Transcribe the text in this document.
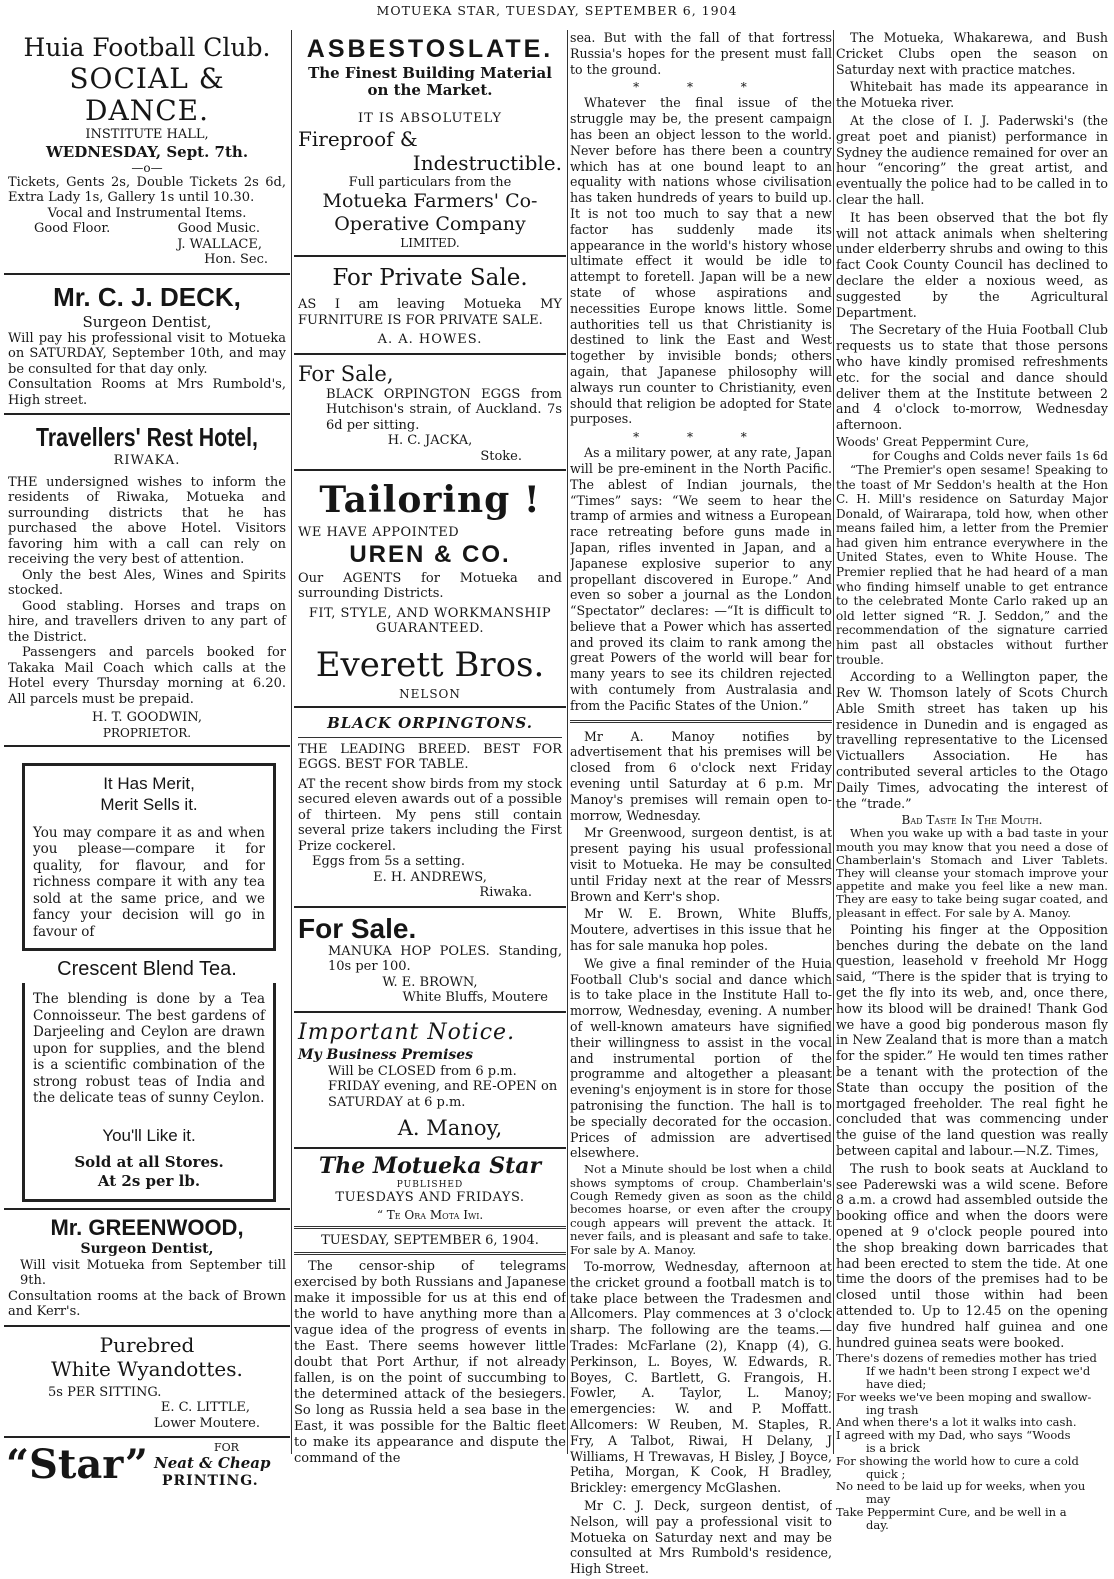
MOTUEKA STAR, TUESDAY, SEPTEMBER 6, 1904

Huia Football Club.

SOCIAL & DANCE.

INSTITUTE HALL,

WEDNESDAY, Sept. 7th.

—o—

Tickets, Gents 2s, Double Tickets 2s 6d, Extra Lady 1s, Gallery 1s until 10.30.

Vocal and Instrumental Items.

Good Floor.	Good Music.

J. WALLACE,

Hon. Sec.

Mr. C. J. DECK,

Surgeon Dentist,

Will pay his professional visit to Motueka on SATURDAY, September 10th, and may be consulted for that day only.

Consultation Rooms at Mrs Rumbold's, High street.

Travellers' Rest Hotel,

RIWAKA.

THE undersigned wishes to inform the residents of Riwaka, Motueka and surrounding districts that he has purchased the above Hotel. Visitors favoring him with a call can rely on receiving the very best of attention.

Only the best Ales, Wines and Spirits stocked.

Good stabling. Horses and traps on hire, and travellers driven to any part of the District.

Passengers and parcels booked for Takaka Mail Coach which calls at the Hotel every Thursday morning at 6.20. All parcels must be prepaid.

H. T. GOODWIN,

PROPRIETOR.

It Has Merit,

Merit Sells it.

You may compare it as and when you please—compare it for quality, for flavour, and for richness compare it with any tea sold at the same price, and we fancy your decision will go in favour of

Crescent Blend Tea.

The blending is done by a Tea Connoisseur. The best gardens of Darjeeling and Ceylon are drawn upon for supplies, and the blend is a scientific combination of the strong robust teas of India and the delicate teas of sunny Ceylon.

You'll Like it.

Sold at all Stores.

At 2s per lb.

Mr. GREENWOOD,

Surgeon Dentist,

Will visit Motueka from September till 9th.

Consultation rooms at the back of Brown and Kerr's.

Purebred

White Wyandottes.

5s PER SITTING.

E. C. LITTLE,

Lower Moutere.

“Star”	FOR
Neat & Cheap
PRINTING.

ASBESTOSLATE.

The Finest Building Material on the Market.

IT IS ABSOLUTELY

Fireproof &

Indestructible.

Full particulars from the

Motueka Farmers' Co-

Operative Company

LIMITED.

For Private Sale.

AS I am leaving Motueka MY FURNITURE IS FOR PRIVATE SALE.

A. A. HOWES.

For Sale,

BLACK ORPINGTON EGGS from Hutchison's strain, of Auckland. 7s 6d per sitting.

H. C. JACKA,

Stoke.

Tailoring !

WE HAVE APPOINTED

UREN & CO.

Our AGENTS for Motueka and surrounding Districts.

FIT, STYLE, AND WORKMANSHIP GUARANTEED.

Everett Bros.

NELSON

BLACK ORPINGTONS.

THE LEADING BREED. BEST FOR EGGS. BEST FOR TABLE.

AT the recent show birds from my stock secured eleven awards out of a possible of thirteen. My pens still contain several prize takers including the First Prize cockerel.

Eggs from 5s a setting.

E. H. ANDREWS,

Riwaka.

For Sale.

MANUKA HOP POLES. Standing, 10s per 100.

W. E. BROWN,

White Bluffs, Moutere

Important Notice.

My Business Premises

Will be CLOSED from 6 p.m. FRIDAY evening, and RE-OPEN on SATURDAY at 6 p.m.

A. Manoy,

The Motueka Star

PUBLISHED

TUESDAYS AND FRIDAYS.

“ Te Ora Mota Iwi.

TUESDAY, SEPTEMBER 6, 1904.

The censor-ship of telegrams exercised by both Russians and Japanese make it impossible for us at this end of the world to have anything more than a vague idea of the progress of events in the East. There seems however little doubt that Port Arthur, if not already fallen, is on the point of succumbing to the determined attack of the besiegers. So long as Russia held a sea base in the East, it was possible for the Baltic fleet to make its appearance and dispute the command of the

sea. But with the fall of that fortress Russia's hopes for the present must fall to the ground.

* * *

Whatever the final issue of the struggle may be, the present campaign has been an object lesson to the world. Never before has there been a country which has at one bound leapt to an equality with nations whose civilisation has taken hundreds of years to build up. It is not too much to say that a new factor has suddenly made its appearance in the world's history whose ultimate effect it would be idle to attempt to foretell. Japan will be a new state of whose aspirations and necessities Europe knows little. Some authorities tell us that Christianity is destined to link the East and West together by invisible bonds; others again, that Japanese philosophy will always run counter to Christianity, even should that religion be adopted for State purposes.

* * *

As a military power, at any rate, Japan will be pre-eminent in the North Pacific. The ablest of Indian journals, the “Times” says: “We seem to hear the tramp of armies and witness a European race retreating before guns made in Japan, rifles invented in Japan, and a Japanese explosive superior to any propellant discovered in Europe.” And even so sober a journal as the London “Spectator” declares: —“It is difficult to believe that a Power which has asserted and proved its claim to rank among the great Powers of the world will bear for many years to see its children rejected with contumely from Australasia and from the Pacific States of the Union.”

Mr A. Manoy notifies by advertisement that his premises will be closed from 6 o'clock next Friday evening until Saturday at 6 p.m. Mr Manoy's premises will remain open to-morrow, Wednesday.

Mr Greenwood, surgeon dentist, is at present paying his usual professional visit to Motueka. He may be consulted until Friday next at the rear of Messrs Brown and Kerr's shop.

Mr W. E. Brown, White Bluffs, Moutere, advertises in this issue that he has for sale manuka hop poles.

We give a final reminder of the Huia Football Club's social and dance which is to take place in the Institute Hall to-morrow, Wednesday, evening. A number of well-known amateurs have signified their willingness to assist in the vocal and instrumental portion of the programme and altogether a pleasant evening's enjoyment is in store for those patronising the function. The hall is to be specially decorated for the occasion. Prices of admission are advertised elsewhere.

Not a Minute should be lost when a child shows symptoms of croup. Chamberlain's Cough Remedy given as soon as the child becomes hoarse, or even after the croupy cough appears will prevent the attack. It never fails, and is pleasant and safe to take. For sale by A. Manoy.

To-morrow, Wednesday, afternoon at the cricket ground a football match is to take place between the Tradesmen and Allcomers. Play commences at 3 o'clock sharp. The following are the teams.—Trades: McFarlane (2), Knapp (4), G. Perkinson, L. Boyes, W. Edwards, R. Boyes, C. Bartlett, G. Frangois, H. Fowler, A. Taylor, L. Manoy; emergencies: W. and P. Moffatt. Allcomers: W Reuben, M. Staples, R. Fry, A Talbot, Riwai, H Delany, J Williams, H Trewavas, H Bisley, J Boyce, Petiha, Morgan, K Cook, H Bradley, Brickley: emergency McGlashen.

Mr C. J. Deck, surgeon dentist, of Nelson, will pay a professional visit to Motueka on Saturday next and may be consulted at Mrs Rumbold's residence, High Street.

The Motueka, Whakarewa, and Bush Cricket Clubs open the season on Saturday next with practice matches.

Whitebait has made its appearance in the Motueka river.

At the close of I. J. Paderwski's (the great poet and pianist) performance in Sydney the audience remained for over an hour “encoring” the great artist, and eventually the police had to be called in to clear the hall.

It has been observed that the bot fly will not attack animals when sheltering under elderberry shrubs and owing to this fact Cook County Council has declined to declare the elder a noxious weed, as suggested by the Agricultural Department.

The Secretary of the Huia Football Club requests us to state that those persons who have kindly promised refreshments etc. for the social and dance should deliver them at the Institute between 2 and 4 o'clock to-morrow, Wednesday afternoon.

Woods' Great Peppermint Cure,

for Coughs and Colds never fails 1s 6d

“The Premier's open sesame! Speaking to the toast of Mr Seddon's health at the Hon C. H. Mill's residence on Saturday Major Donald, of Wairarapa, told how, when other means failed him, a letter from the Premier had given him entrance everywhere in the United States, even to White House. The Premier replied that he had heard of a man who finding himself unable to get entrance to the celebrated Monte Carlo raked up an old letter signed “R. J. Seddon,” and the recommendation of the signature carried him past all obstacles without further trouble.

According to a Wellington paper, the Rev W. Thomson lately of Scots Church Able Smith street has taken up his residence in Dunedin and is engaged as travelling representative to the Licensed Victuallers Association. He has contributed several articles to the Otago Daily Times, advocating the interest of the “trade.”

Bad Taste In The Mouth.

When you wake up with a bad taste in your mouth you may know that you need a dose of Chamberlain's Stomach and Liver Tablets. They will cleanse your stomach improve your appetite and make you feel like a new man. They are easy to take being sugar coated, and pleasant in effect. For sale by A. Manoy.

Pointing his finger at the Opposition benches during the debate on the land question, leasehold v freehold Mr Hogg said, “There is the spider that is trying to get the fly into its web, and, once there, how its blood will be drained! Thank God we have a good big ponderous mason fly in New Zealand that is more than a match for the spider.” He would ten times rather be a tenant with the protection of the State than occupy the position of the mortgaged freeholder. The real fight he concluded that was commencing under the guise of the land question was really between capital and labour.—N.Z. Times,

The rush to book seats at Auckland to see Paderewski was a wild scene. Before 8 a.m. a crowd had assembled outside the booking office and when the doors were opened at 9 o'clock people poured into the shop breaking down barricades that had been erected to stem the tide. At one time the doors of the premises had to be closed until those within had been attended to. Up to 12.45 on the opening day five hundred half guinea and one hundred guinea seats were booked.

There's dozens of remedies mother has tried

If we hadn't been strong I expect we'd

have died;

For weeks we've been moping and swallow-

ing trash

And when there's a lot it walks into cash.

I agreed with my Dad, who says “Woods

is a brick

For showing the world how to cure a cold

quick ;

No need to be laid up for weeks, when you

may

Take Peppermint Cure, and be well in a

day.
